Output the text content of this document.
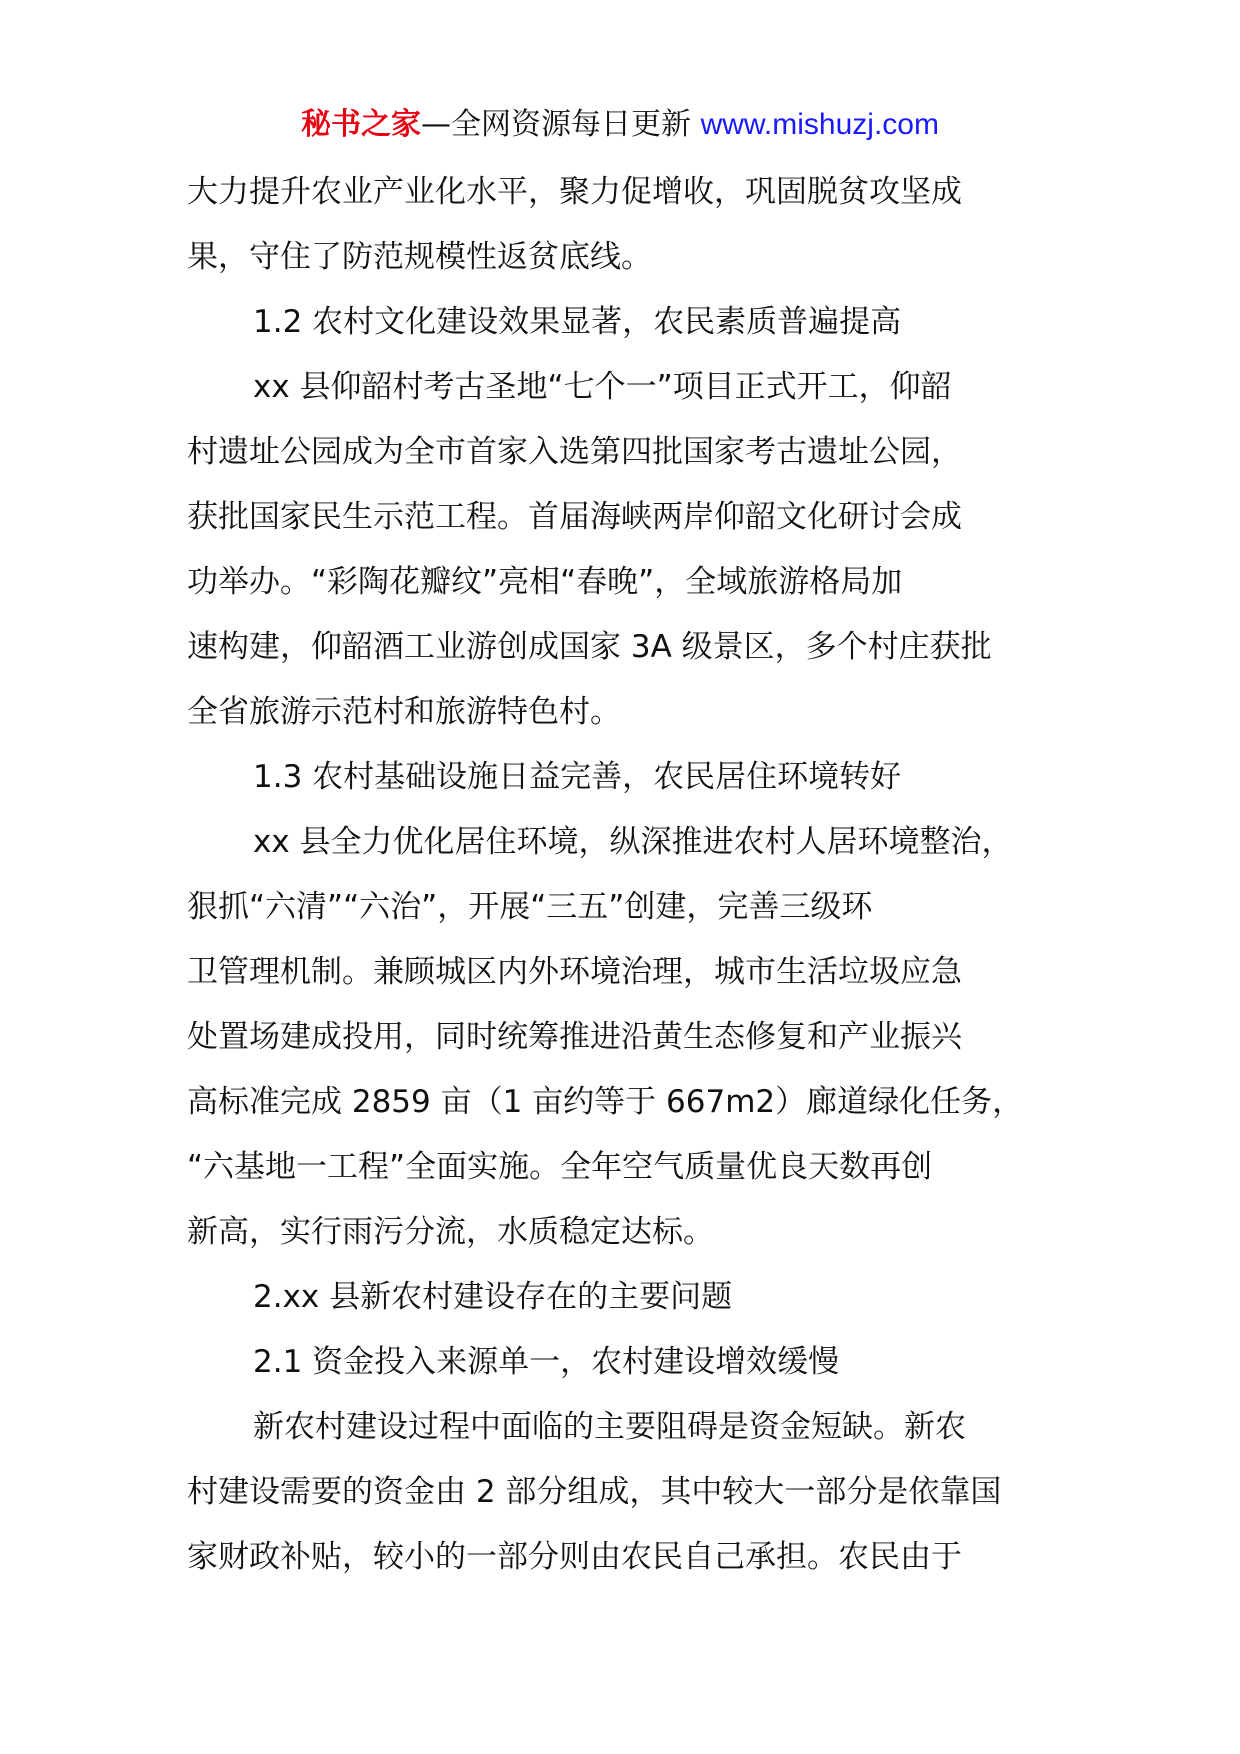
秘书之家—全网资源每日更新 www.mishuzj.com

大力提升农业产业化水平，聚力促增收，巩固脱贫攻坚成

果，守住了防范规模性返贫底线。

1.2 农村文化建设效果显著，农民素质普遍提高

xx 县仰韶村考古圣地“七个一”项目正式开工，仰韶

村遗址公园成为全市首家入选第四批国家考古遗址公园，

获批国家民生示范工程。首届海峡两岸仰韶文化研讨会成

功举办。“彩陶花瓣纹”亮相“春晚”，全域旅游格局加

速构建，仰韶酒工业游创成国家 3A 级景区，多个村庄获批

全省旅游示范村和旅游特色村。

1.3 农村基础设施日益完善，农民居住环境转好

xx 县全力优化居住环境，纵深推进农村人居环境整治，

狠抓“六清”“六治”，开展“三五”创建，完善三级环

卫管理机制。兼顾城区内外环境治理，城市生活垃圾应急

处置场建成投用，同时统筹推进沿黄生态修复和产业振兴

高标准完成 2859 亩（1 亩约等于 667m2）廊道绿化任务，

“六基地一工程”全面实施。全年空气质量优良天数再创

新高，实行雨污分流，水质稳定达标。

2.xx 县新农村建设存在的主要问题

2.1 资金投入来源单一，农村建设增效缓慢

新农村建设过程中面临的主要阻碍是资金短缺。新农

村建设需要的资金由 2 部分组成，其中较大一部分是依靠国

家财政补贴，较小的一部分则由农民自己承担。农民由于
